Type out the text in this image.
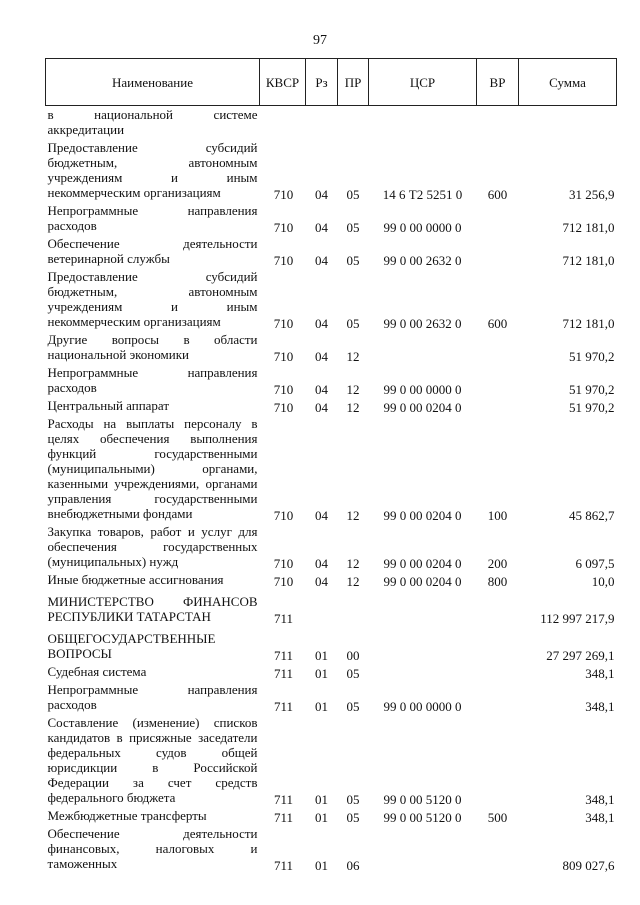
97
Наименование	КВСР	Рз	ПР	ЦСР	ВР	Сумма
в национальной системе аккредитации						
Предоставление субсидий бюджетным, автономным учреждениям и иным некоммерческим организациям	710	04	05	14 6 Т2 5251 0	600	31 256,9
Непрограммные направления расходов	710	04	05	99 0 00 0000 0		712 181,0
Обеспечение деятельности ветеринарной службы	710	04	05	99 0 00 2632 0		712 181,0
Предоставление субсидий бюджетным, автономным учреждениям и иным некоммерческим организациям	710	04	05	99 0 00 2632 0	600	712 181,0
Другие вопросы в области национальной экономики	710	04	12			51 970,2
Непрограммные направления расходов	710	04	12	99 0 00 0000 0		51 970,2
Центральный аппарат	710	04	12	99 0 00 0204 0		51 970,2
Расходы на выплаты персоналу в целях обеспечения выполнения функций государственными (муниципальными) органами, казенными учреждениями, органами управления государственными внебюджетными фондами	710	04	12	99 0 00 0204 0	100	45 862,7
Закупка товаров, работ и услуг для обеспечения государственных (муниципальных) нужд	710	04	12	99 0 00 0204 0	200	6 097,5
Иные бюджетные ассигнования	710	04	12	99 0 00 0204 0	800	10,0
МИНИСТЕРСТВО ФИНАНСОВ РЕСПУБЛИКИ ТАТАРСТАН	711					112 997 217,9
ОБЩЕГОСУДАРСТВЕННЫЕ ВОПРОСЫ	711	01	00			27 297 269,1
Судебная система	711	01	05			348,1
Непрограммные направления расходов	711	01	05	99 0 00 0000 0		348,1
Составление (изменение) списков кандидатов в присяжные заседатели федеральных судов общей юрисдикции в Российской Федерации за счет средств федерального бюджета	711	01	05	99 0 00 5120 0		348,1
Межбюджетные трансферты	711	01	05	99 0 00 5120 0	500	348,1
Обеспечение деятельности финансовых, налоговых и таможенных	711	01	06			809 027,6
